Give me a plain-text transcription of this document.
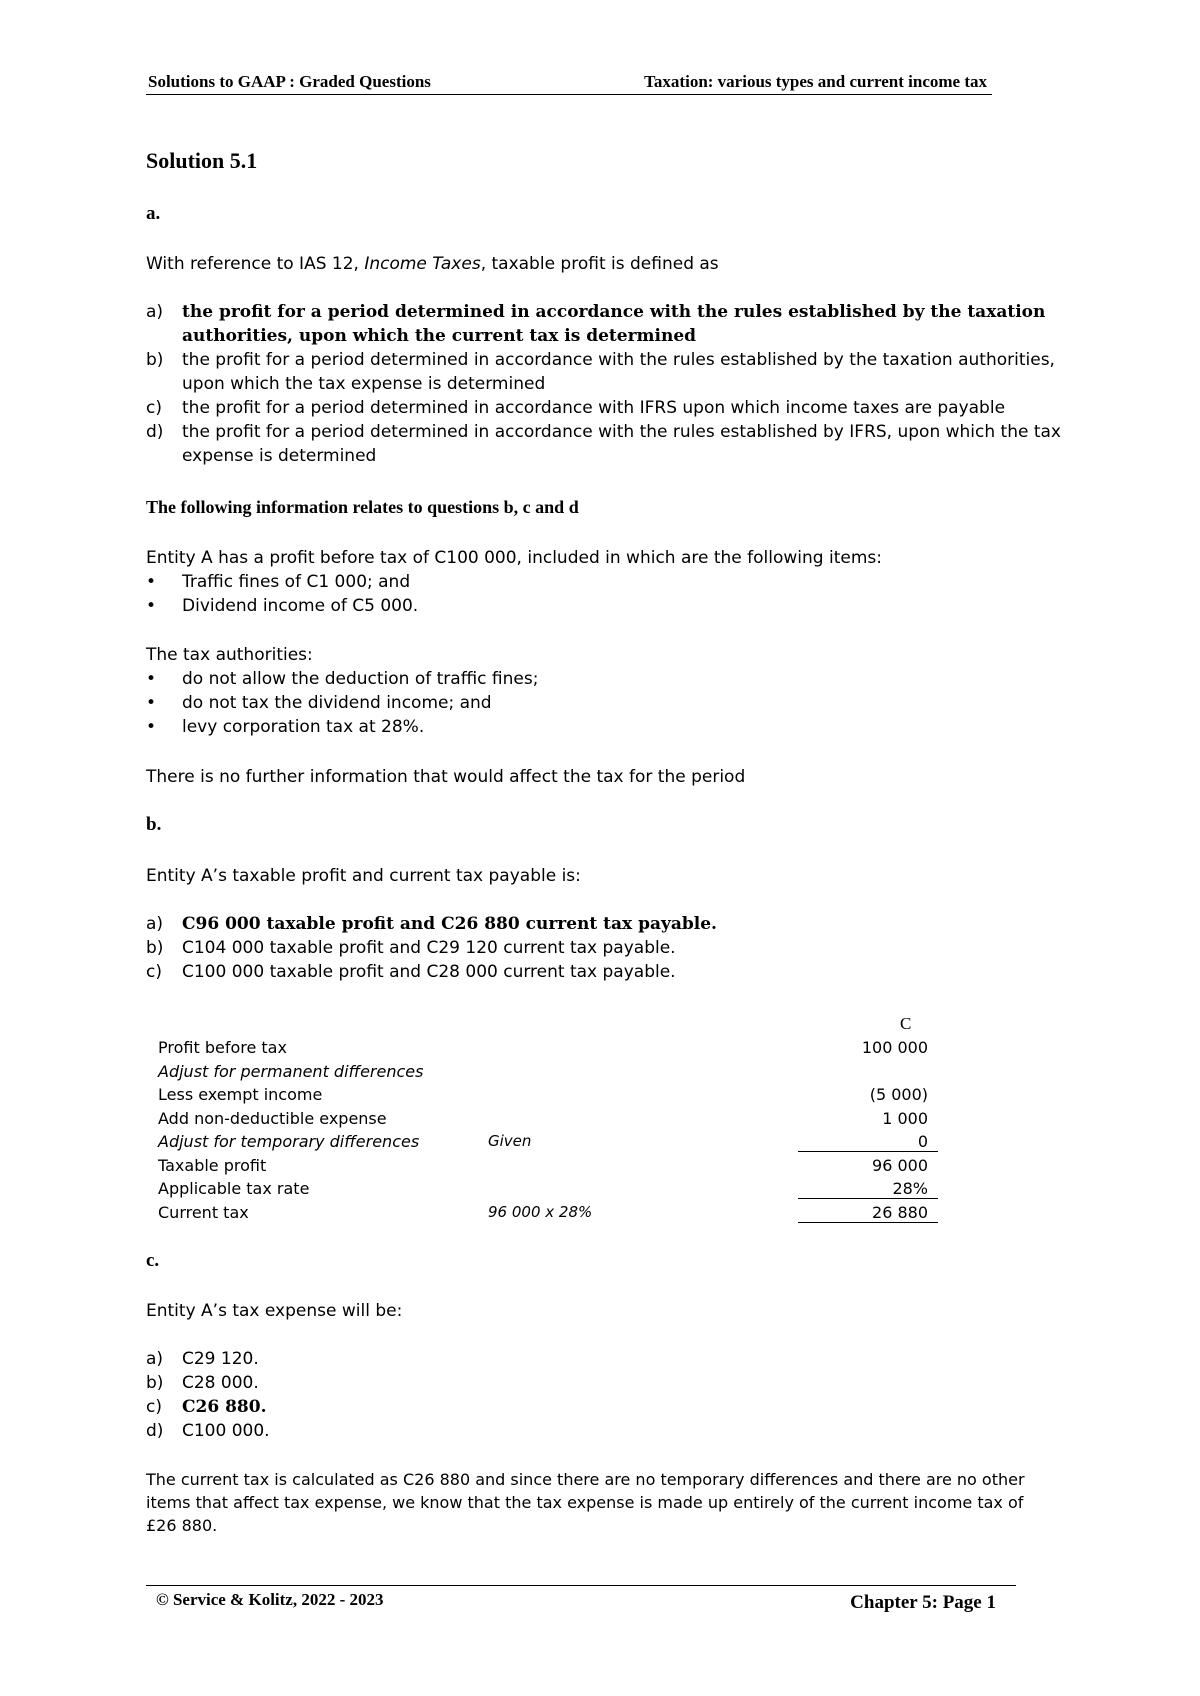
Solutions to GAAP : Graded Questions	Taxation: various types and current income tax
Solution 5.1
a.
With reference to IAS 12, Income Taxes, taxable profit is defined as
a)	the profit for a period determined in accordance with the rules established by the taxation authorities, upon which the current tax is determined
b)	the profit for a period determined in accordance with the rules established by the taxation authorities, upon which the tax expense is determined
c)	the profit for a period determined in accordance with IFRS upon which income taxes are payable
d)	the profit for a period determined in accordance with the rules established by IFRS, upon which the tax expense is determined
The following information relates to questions b, c and d
Entity A has a profit before tax of C100 000, included in which are the following items:
•	Traffic fines of C1 000; and
•	Dividend income of C5 000.
The tax authorities:
•	do not allow the deduction of traffic fines;
•	do not tax the dividend income; and
•	levy corporation tax at 28%.
There is no further information that would affect the tax for the period
b.
Entity A’s taxable profit and current tax payable is:
a)	C96 000 taxable profit and C26 880 current tax payable.
b)	C104 000 taxable profit and C29 120 current tax payable.
c)	C100 000 taxable profit and C28 000 current tax payable.
C
Profit before tax	100 000
Adjust for permanent differences
Less exempt income	(5 000)
Add non-deductible expense	1 000
Adjust for temporary differences	Given	0
Taxable profit	96 000
Applicable tax rate	28%
Current tax	96 000 x 28%	26 880
c.
Entity A’s tax expense will be:
a)	C29 120.
b)	C28 000.
c)	C26 880.
d)	C100 000.
The current tax is calculated as C26 880 and since there are no temporary differences and there are no other items that affect tax expense, we know that the tax expense is made up entirely of the current income tax of £26 880.
© Service & Kolitz, 2022 - 2023	Chapter 5: Page 1
